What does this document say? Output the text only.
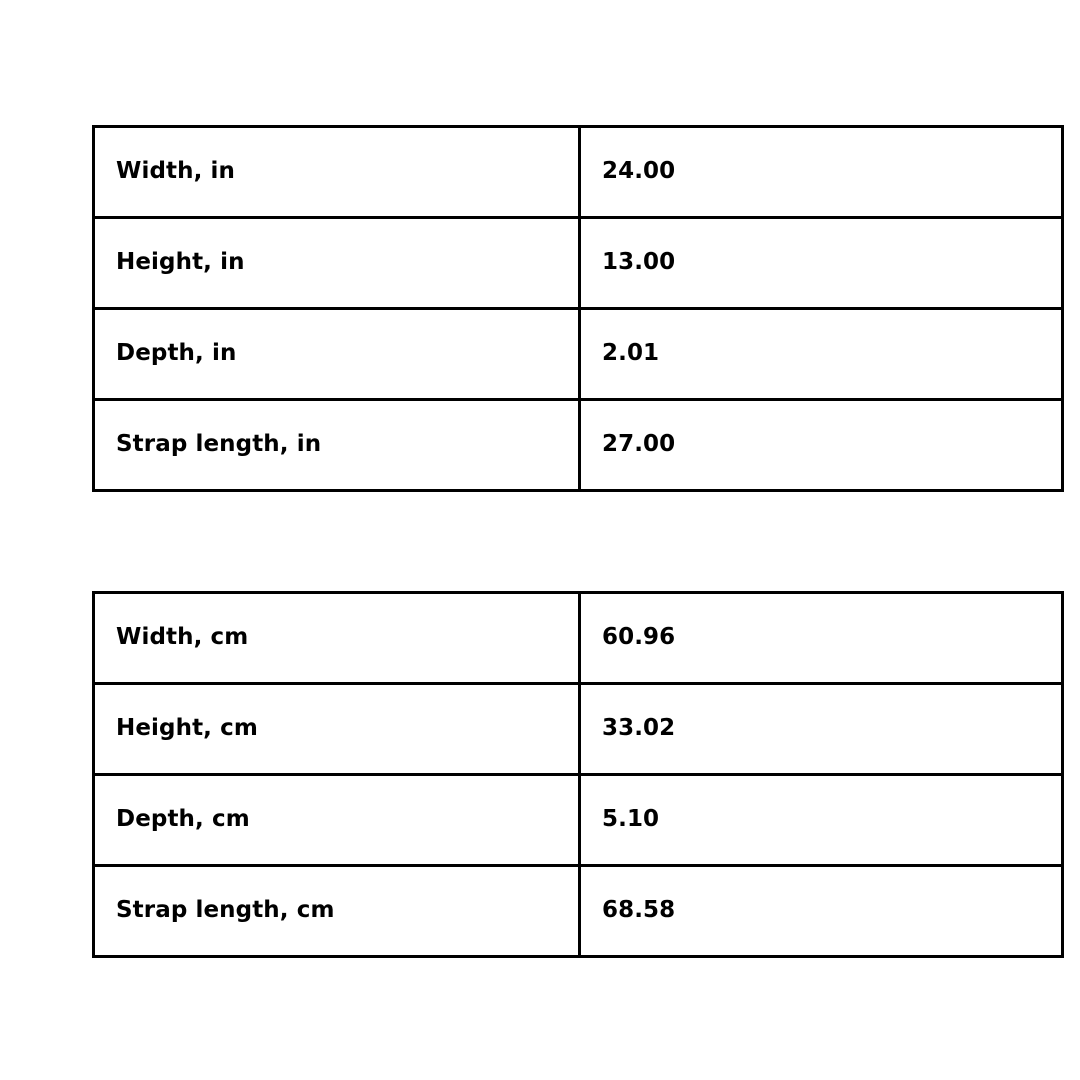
Width, in	24.00
Height, in	13.00
Depth, in	2.01
Strap length, in	27.00
Width, cm	60.96
Height, cm	33.02
Depth, cm	5.10
Strap length, cm	68.58
